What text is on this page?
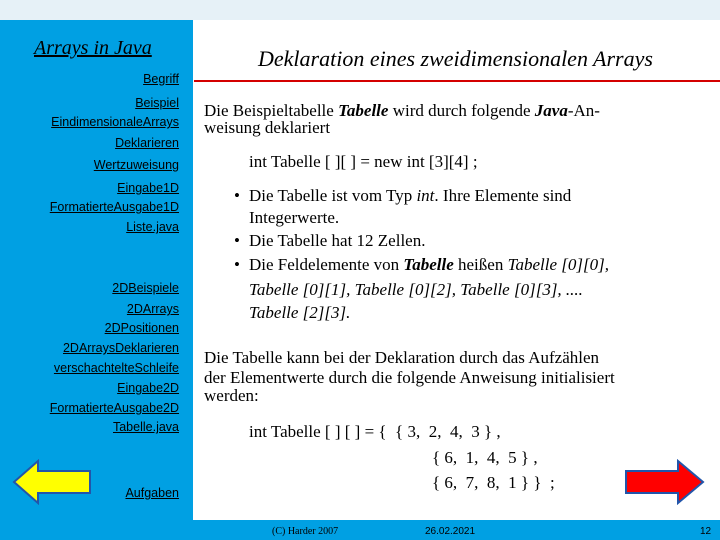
Arrays in Java
Begriff
Beispiel
EindimensionaleArrays
Deklarieren
Wertzuweisung
Eingabe1D
FormatierteAusgabe1D
Liste.java
2DBeispiele
2DArrays
2DPositionen
2DArraysDeklarieren
verschachtelteSchleife
Eingabe2D
FormatierteAusgabe2D
Tabelle.java
Aufgaben
Deklaration eines zweidimensionalen Arrays
Die Beispieltabelle Tabelle wird durch folgende Java-An-
weisung deklariert
int Tabelle [ ][ ] = new int [3][4] ;
• Die Tabelle ist vom Typ int. Ihre Elemente sind
Integerwerte.
• Die Tabelle hat 12 Zellen.
• Die Feldelemente von Tabelle heißen Tabelle [0][0],
Tabelle [0][1], Tabelle [0][2], Tabelle [0][3], ....
Tabelle [2][3].
Die Tabelle kann bei der Deklaration durch das Aufzählen
der Elementwerte durch die folgende Anweisung initialisiert
werden:
int Tabelle [ ] [ ] = {  { 3,  2,  4,  3 } ,
{ 6,  1,  4,  5 } ,
{ 6,  7,  8,  1 } }  ;
(C) Harder 2007	26.02.2021	12
